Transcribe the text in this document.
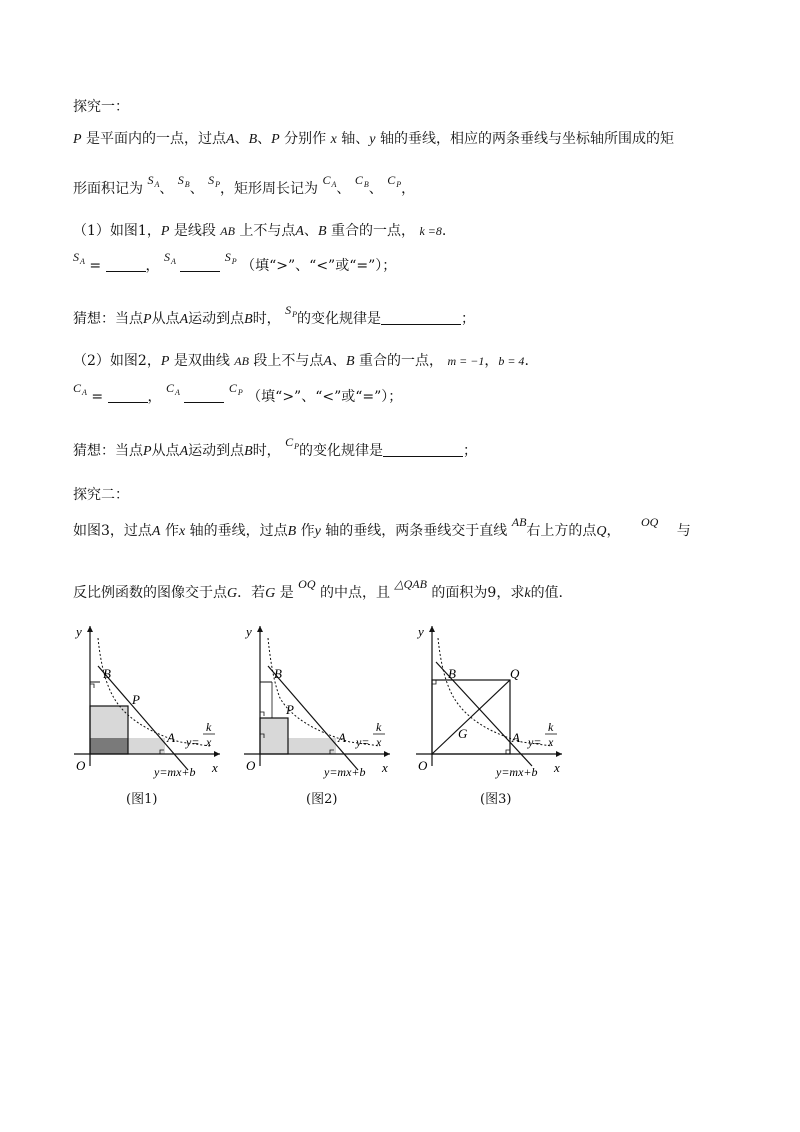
探究一：
P 是平面内的一点，过点A、B、P 分别作 x 轴、y 轴的垂线，相应的两条垂线与坐标轴所围成的矩
形面积记为 $S_A$、 $S_B$、 $S_P$，矩形周长记为 $C_A$、 $C_B$、 $C_P$，
（1）如图1，P 是线段 AB 上不与点A、B 重合的一点， k =8.
$S_A$ =	， $S_A$	$S_P$ （填“>”、“<”或“=”）；
猜想：当点P从点A运动到点B时， $S_P$的变化规律是	；
（2）如图2，P 是双曲线 AB 段上不与点A、B 重合的一点， m = −1，b = 4.
$C_A$ =	， $C_A$	$C_P$ （填“>”、“<”或“=”）；
猜想：当点P从点A运动到点B时， $C_P$的变化规律是	；
探究二：
如图3，过点A 作x 轴的垂线，过点B 作y 轴的垂线，两条垂线交于直线 AB右上方的点Q， OQ 与
反比例函数的图像交于点G．若G 是 OQ 的中点，且 △QAB 的面积为9，求k的值.
y
x
O
B
P
A y=
k
x
y=mx+b
(图1)
y
x
O
B
P
A y=
k
x
y=mx+b
(图2)
y
x
O
B	Q
G	A y=
k
x
y=mx+b
(图3)
